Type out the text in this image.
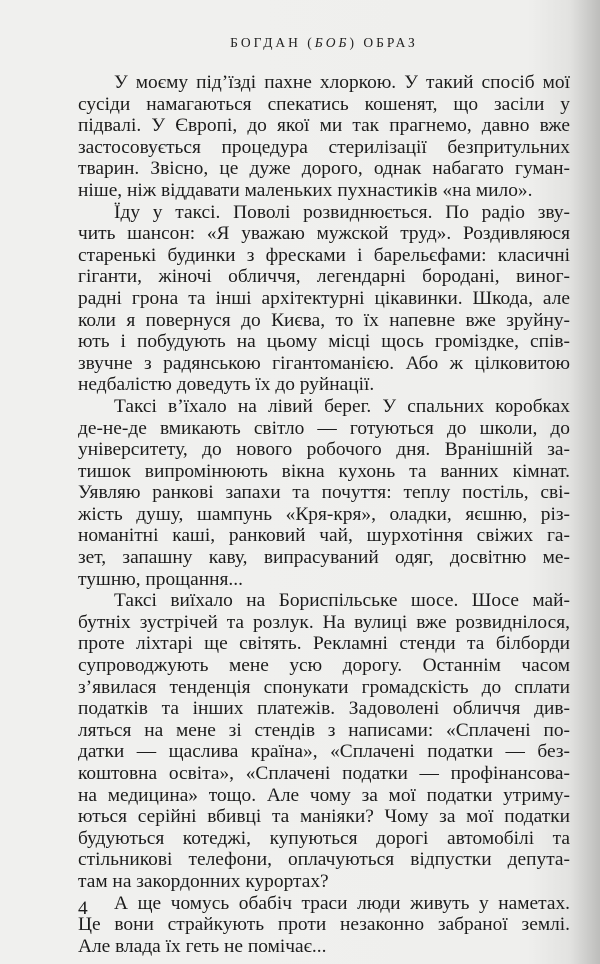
БОГДАН (БОБ) ОБРАЗ
У моєму під’їзді пахне хлоркою. У такий спосіб мої
сусіди намагаються спекатись кошенят, що засіли у
підвалі. У Європі, до якої ми так прагнемо, давно вже
застосовується процедура стерилізації безпритульних
тварин. Звісно, це дуже дорого, однак набагато гуман-
ніше, ніж віддавати маленьких пухнастиків «на мило».
Їду у таксі. Поволі розвиднюється. По радіо зву-
чить шансон: «Я уважаю мужской труд». Роздивляюся
старенькі будинки з фресками і барельєфами: класичні
гіганти, жіночі обличчя, легендарні бородані, виног-
радні грона та інші архітектурні цікавинки. Шкода, але
коли я повернуся до Києва, то їх напевне вже зруйну-
ють і побудують на цьому місці щось громіздке, спів-
звучне з радянською гігантоманією. Або ж цілковитою
недбалістю доведуть їх до руйнації.
Таксі в’їхало на лівий берег. У спальних коробках
де-не-де вмикають світло — готуються до школи, до
університету, до нового робочого дня. Вранішній за-
тишок випромінюють вікна кухонь та ванних кімнат.
Уявляю ранкові запахи та почуття: теплу постіль, сві-
жість душу, шампунь «Кря-кря», оладки, яєшню, різ-
номанітні каші, ранковий чай, шурхотіння свіжих га-
зет, запашну каву, випрасуваний одяг, досвітню ме-
тушню, прощання...
Таксі виїхало на Бориспільське шосе. Шосе май-
бутніх зустрічей та розлук. На вулиці вже розвиднілося,
проте ліхтарі ще світять. Рекламні стенди та білборди
супроводжують мене усю дорогу. Останнім часом
з’явилася тенденція спонукати громадскість до сплати
податків та інших платежів. Задоволені обличчя див-
ляться на мене зі стендів з написами: «Сплачені по-
датки — щаслива країна», «Сплачені податки — без-
коштовна освіта», «Сплачені податки — профінансова-
на медицина» тощо. Але чому за мої податки утриму-
ються серійні вбивці та маніяки? Чому за мої податки
будуються котеджі, купуються дорогі автомобілі та
стільникові телефони, оплачуються відпустки депута-
там на закордонних курортах?
А ще чомусь обабіч траси люди живуть у наметах.
Це вони страйкують проти незаконно забраної землі.
Але влада їх геть не помічає...
4
